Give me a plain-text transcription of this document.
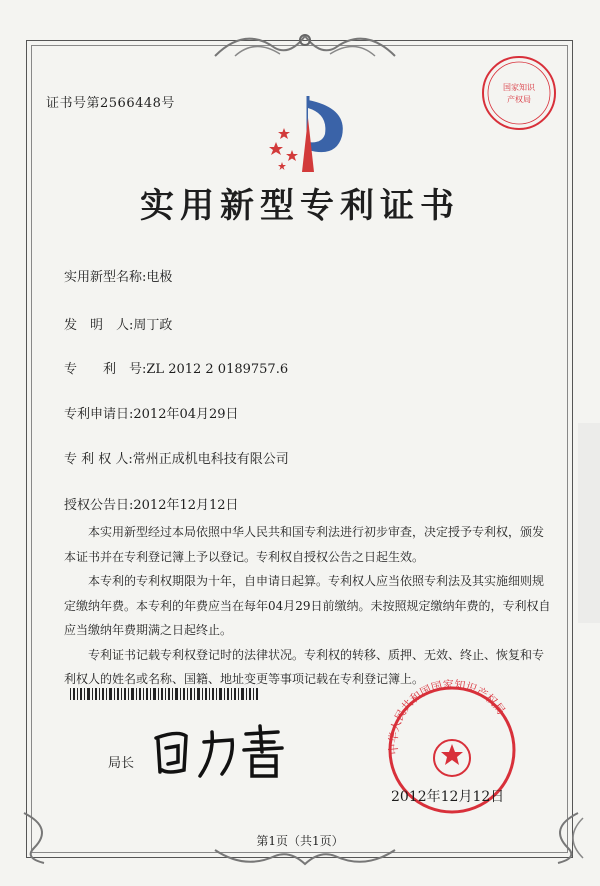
证书号第2566448号
国家知识
产权局
实用新型专利证书
实用新型名称:电极
发　明　人:周丁政
专　　利　号:ZL 2012 2 0189757.6
专利申请日:2012年04月29日
专 利 权 人:常州正成机电科技有限公司
授权公告日:2012年12月12日

本实用新型经过本局依照中华人民共和国专利法进行初步审查，决定授予专利权，颁发本证书并在专利登记簿上予以登记。专利权自授权公告之日起生效。

本专利的专利权期限为十年，自申请日起算。专利权人应当依照专利法及其实施细则规定缴纳年费。本专利的年费应当在每年04月29日前缴纳。未按照规定缴纳年费的，专利权自应当缴纳年费期满之日起终止。

专利证书记载专利权登记时的法律状况。专利权的转移、质押、无效、终止、恢复和专利权人的姓名或名称、国籍、地址变更等事项记载在专利登记簿上。

局长
中华人民共和国国家知识产权局
2012年12月12日
第1页（共1页）
